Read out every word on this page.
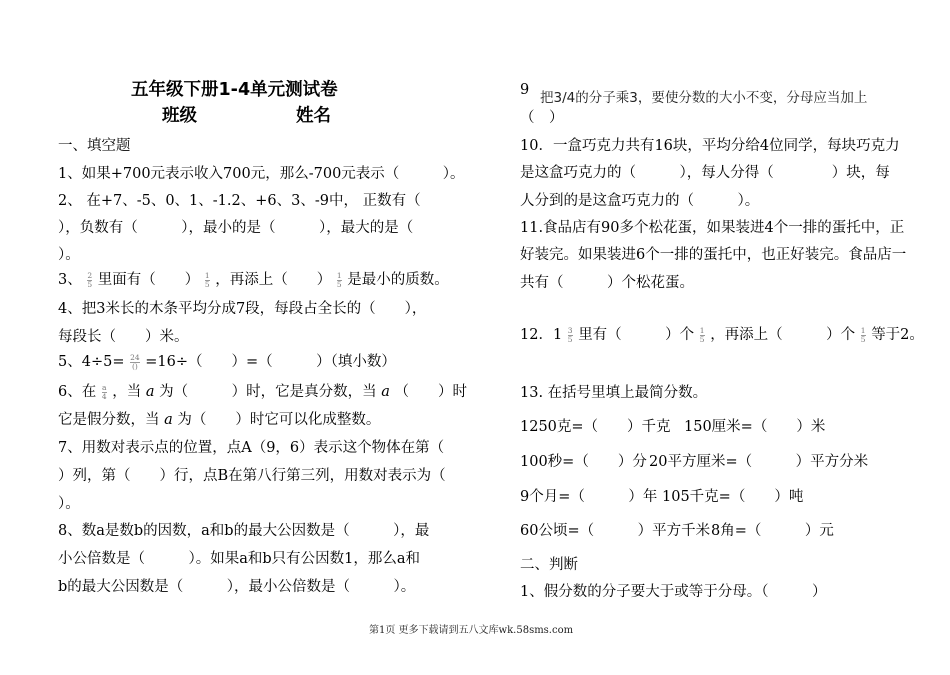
五年级下册1-4单元测试卷
班级	姓名
一、填空题
1、如果+700元表示收入700元，那么-700元表示（　　　）。
2、 在+7、-5、0、1、-1.2、+6、3、-9中， 正数有（
），负数有（　　　），最小的是（　　　），最大的是（
）。
3、 $\frac{2}{5}$ 里面有（　　） $\frac{1}{5}$ ，再添上（　　） $\frac{1}{5}$ 是最小的质数。
4、把3米长的木条平均分成7段，每段占全长的（　　），
每段长（　　）米。
5、$4\div 5= \frac{24}{()} =16\div$（　　）=（　　　）（填小数）
6、在 $\frac{a}{4}$ ，当 a 为（　　　）时，它是真分数，当 a （　　）时
它是假分数，当 a 为（　　）时它可以化成整数。
7、用数对表示点的位置，点A（9，6）表示这个物体在第（
）列，第（　　）行，点B在第八行第三列，用数对表示为（
）。
8、数a是数b的因数，a和b的最大公因数是（　　　），最
小公倍数是（　　　）。如果a和b只有公因数1，那么a和
b的最大公因数是（　　　），最小公倍数是（　　　）。
9 把3/4的分子乘3，要使分数的大小不变，分母应当加上
（　）
10．一盒巧克力共有16块，平均分给4位同学，每块巧克力
是这盒巧克力的（　　　），每人分得（　　　　）块，每
人分到的是这盒巧克力的（　　　）。
11.食品店有90多个松花蛋，如果装进4个一排的蛋托中，正
好装完。如果装进6个一排的蛋托中，也正好装完。食品店一
共有（　　　）个松花蛋。
12．$1 \frac{3}{5}$ 里有（　　　）个 $\frac{1}{5}$ ，再添上（　　　）个 $\frac{1}{5}$ 等于2。
13. 在括号里填上最简分数。
1250克=（　　）千克 150厘米=（　　）米
100秒=（　　）分 20平方厘米=（　　　）平方分米
9个月=（　　　）年 105千克=（　　）吨
60公顷=（　　　）平方千米 8角=（　　　）元
二、判断
1、假分数的分子要大于或等于分母。（　　　）
第1页 更多下载请到五八文库wk.58sms.com
